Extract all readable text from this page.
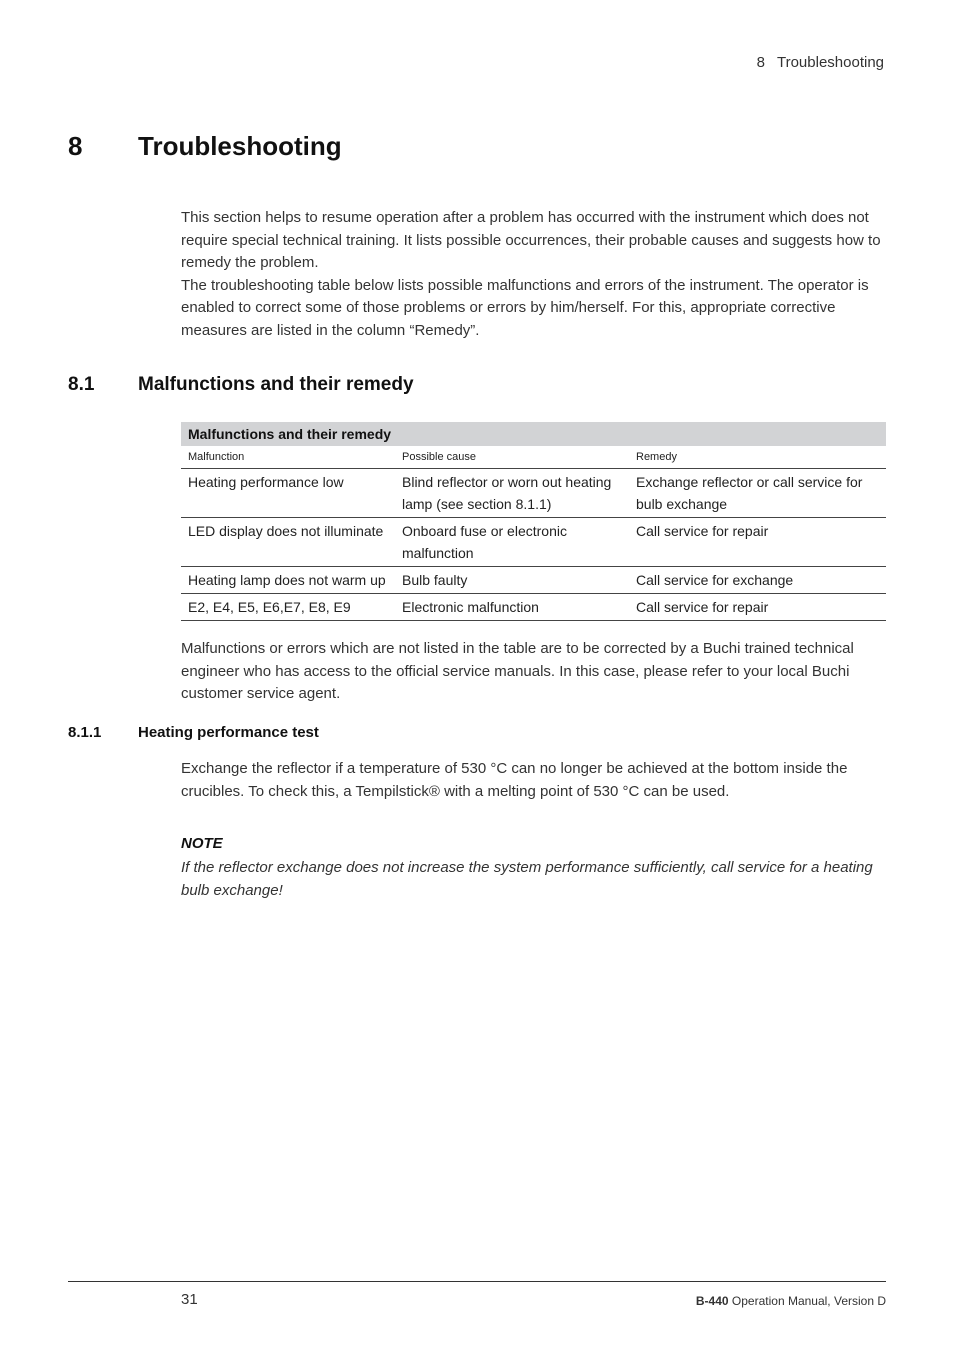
8 Troubleshooting
8 Troubleshooting

This section helps to resume operation after a problem has occurred with the instrument which does not require special technical training. It lists possible occurrences, their probable causes and suggests how to remedy the problem.

The troubleshooting table below lists possible malfunctions and errors of the instrument. The operator is enabled to correct some of those problems or errors by him/herself. For this, appropriate corrective measures are listed in the column “Remedy”.

8.1 Malfunctions and their remedy
Malfunctions and their remedy		
Malfunction	Possible cause	Remedy
Heating performance low	Blind reflector or worn out heating lamp (see section 8.1.1)	Exchange reflector or call service for bulb exchange
LED display does not illuminate	Onboard fuse or electronic malfunction	Call service for repair
Heating lamp does not warm up	Bulb faulty	Call service for exchange
E2, E4, E5, E6,E7, E8, E9	Electronic malfunction	Call service for repair

Malfunctions or errors which are not listed in the table are to be corrected by a Buchi trained technical engineer who has access to the official service manuals. In this case, please refer to your local Buchi customer service agent.

8.1.1 Heating performance test

Exchange the reflector if a temperature of 530 °C can no longer be achieved at the bottom inside the crucibles. To check this, a Tempilstick® with a melting point of 530 °C can be used.

NOTE

If the reflector exchange does not increase the system performance sufficiently, call service for a heating bulb exchange!

31	B-440 Operation Manual, Version D
